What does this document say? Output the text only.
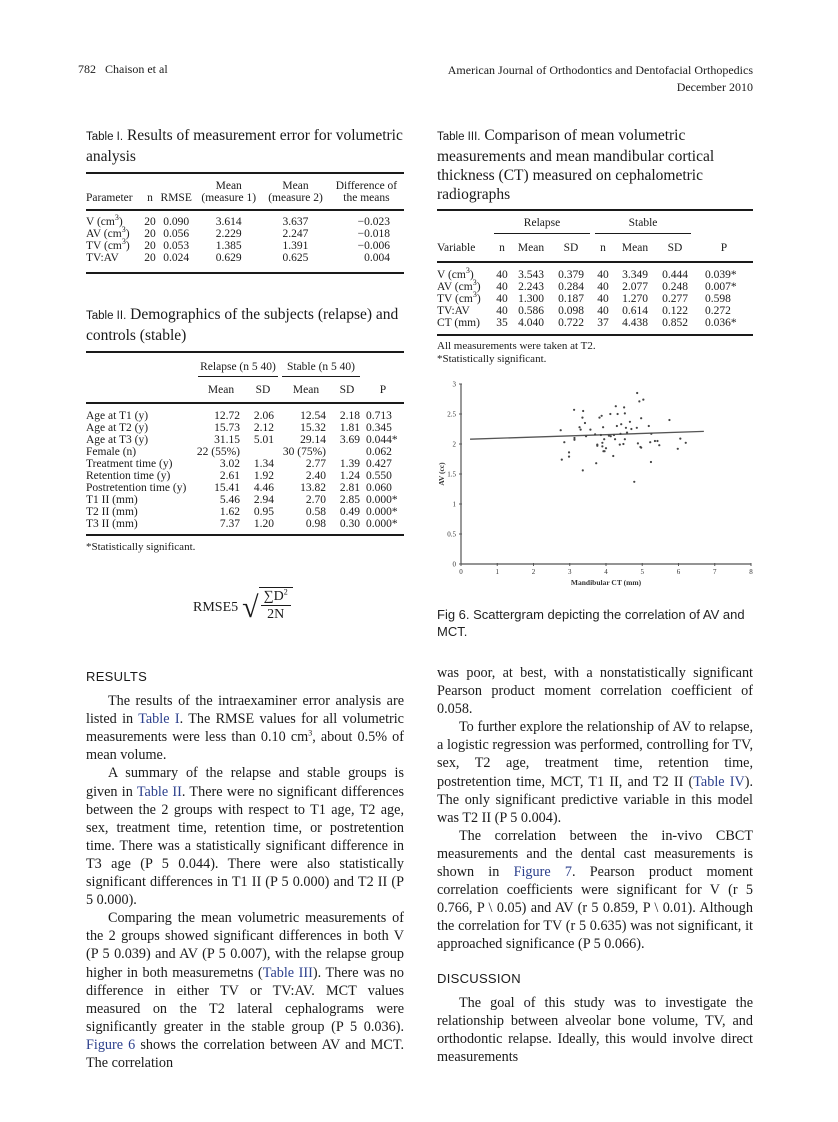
782 Chaison et al	American Journal of Orthodontics and Dentofacial Orthopedics
December 2010
Table I. Results of measurement error for volumetric analysis
			Mean	Mean	Difference of
Parameter	n	RMSE	(measure 1)	(measure 2)	the means
V $(cm^3)$	20	0.090	3.614	3.637	−0.023
AV $(cm^3)$	20	0.056	2.229	2.247	−0.018
TV $(cm^3)$	20	0.053	1.385	1.391	−0.006
TV:AV	20	0.024	0.629	0.625	0.004
Table II. Demographics of the subjects (relapse) and controls (stable)
	Relapse (n 5 40)		Stable (n 5 40)		
	Mean	SD	Mean	SD	P
Age at T1 (y)	12.72	2.06	12.54	2.18	0.713
Age at T2 (y)	15.73	2.12	15.32	1.81	0.345
Age at T3 (y)	31.15	5.01	29.14	3.69	0.044*
Female (n)	22 (55%)		30 (75%)		0.062
Treatment time (y)	3.02	1.34	2.77	1.39	0.427
Retention time (y)	2.61	1.92	2.40	1.24	0.550
Postretention time (y)	15.41	4.46	13.82	2.81	0.060
T1 II (mm)	5.46	2.94	2.70	2.85	0.000*
T2 II (mm)	1.62	0.95	0.58	0.49	0.000*
T3 II (mm)	7.37	1.20	0.98	0.30	0.000*
*Statistically significant.
RMSE5 √ $\sum D^2$
2N
Table III. Comparison of mean volumetric measurements and mean mandibular cortical thickness (CT) measured on cephalometric radiographs
	Relapse			Stable			
Variable	n	Mean	SD	n	Mean	SD	P
V $(cm^3)$	40	3.543	0.379	40	3.349	0.444	0.039*
AV $(cm^3)$	40	2.243	0.284	40	2.077	0.248	0.007*
TV $(cm^3)$	40	1.300	0.187	40	1.270	0.277	0.598
TV:AV	40	0.586	0.098	40	0.614	0.122	0.272
CT (mm)	35	4.040	0.722	37	4.438	0.852	0.036*
All measurements were taken at T2.
*Statistically significant.
0
0.5
1
1.5
2
2.5
3
0	1	2	3	4	5	6	7	8
Mandibular CT (mm)
AV (cc)
Fig 6. Scattergram depicting the correlation of AV and MCT.
RESULTS

The results of the intraexaminer error analysis are listed in Table I. The RMSE values for all volumetric measurements were less than 0.10 $cm^3$, about 0.5% of mean volume.

A summary of the relapse and stable groups is given in Table II. There were no significant differences between the 2 groups with respect to T1 age, T2 age, sex, treatment time, retention time, or postretention time. There was a statistically significant difference in T3 age (P 5 0.044). There were also statistically significant differences in T1 II (P 5 0.000) and T2 II (P 5 0.000).

Comparing the mean volumetric measurements of the 2 groups showed significant differences in both V (P 5 0.039) and AV (P 5 0.007), with the relapse group higher in both measuremetns (Table III). There was no difference in either TV or TV:AV. MCT values measured on the T2 lateral cephalograms were significantly greater in the stable group (P 5 0.036). Figure 6 shows the correlation between AV and MCT. The correlation

was poor, at best, with a nonstatistically significant Pearson product moment correlation coefficient of 0.058.

To further explore the relationship of AV to relapse, a logistic regression was performed, controlling for TV, sex, T2 age, treatment time, retention time, postretention time, MCT, T1 II, and T2 II (Table IV). The only significant predictive variable in this model was T2 II (P 5 0.004).

The correlation between the in-vivo CBCT measurements and the dental cast measurements is shown in Figure 7. Pearson product moment correlation coefficients were significant for V (r 5 0.766, P \ 0.05) and AV (r 5 0.859, P \ 0.01). Although the correlation for TV (r 5 0.635) was not significant, it approached significance (P 5 0.066).

DISCUSSION

The goal of this study was to investigate the relationship between alveolar bone volume, TV, and orthodontic relapse. Ideally, this would involve direct measurements
